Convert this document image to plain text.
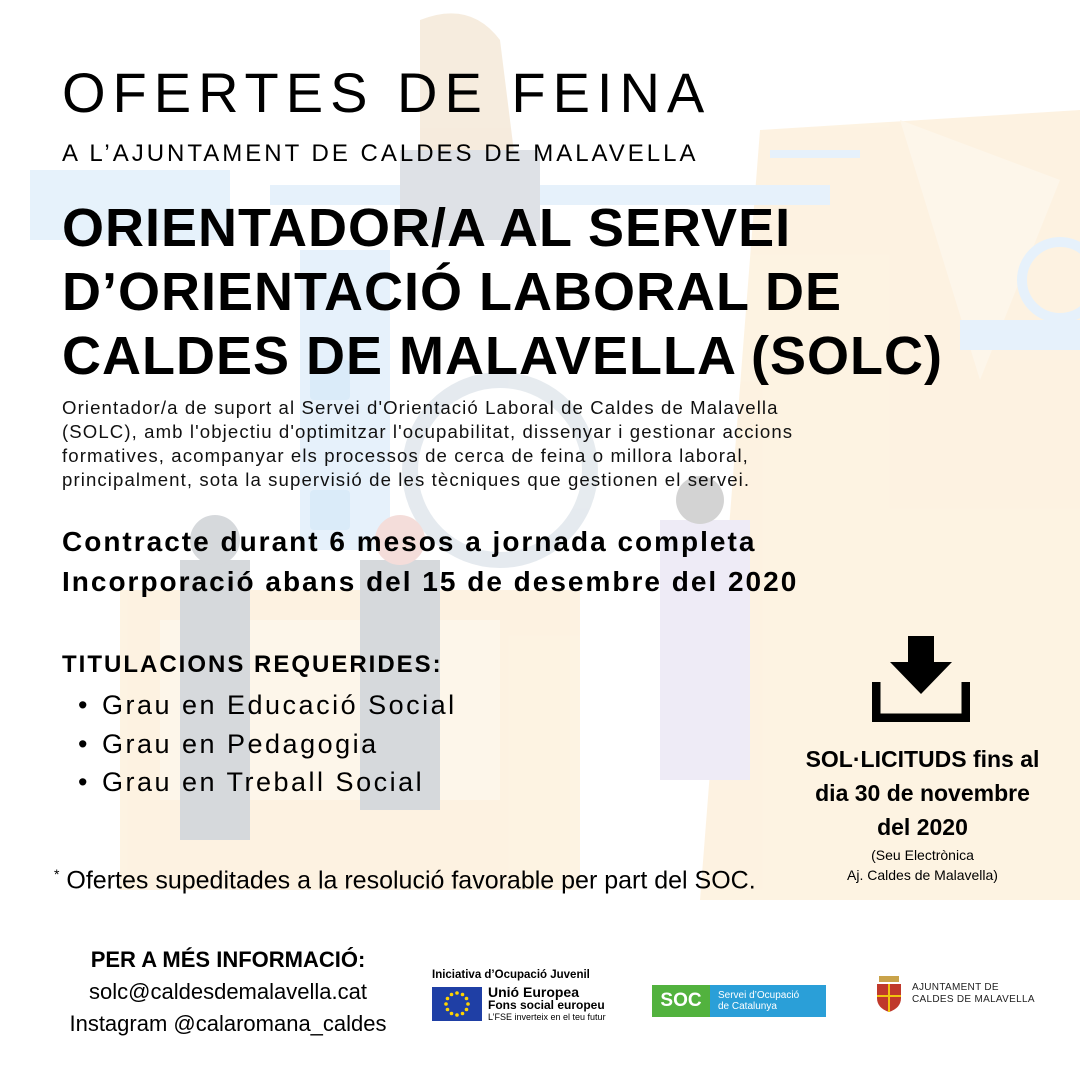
OFERTES DE FEINA
A L’AJUNTAMENT DE CALDES DE MALAVELLA
ORIENTADOR/A AL SERVEI
D’ORIENTACIÓ LABORAL DE
CALDES DE MALAVELLA (SOLC)
Orientador/a de suport al Servei d'Orientació Laboral de Caldes de Malavella
(SOLC), amb l'objectiu d'optimitzar l'ocupabilitat, dissenyar i gestionar accions
formatives, acompanyar els processos de cerca de feina o millora laboral,
principalment, sota la supervisió de les tècniques que gestionen el servei.
Contracte durant 6 mesos a jornada completa
Incorporació abans del 15 de desembre del 2020
TITULACIONS REQUERIDES:
• Grau en Educació Social
• Grau en Pedagogia
• Grau en Treball Social
* Ofertes supeditades a la resolució favorable per part del SOC.
SOL·LICITUDS fins al
dia 30 de novembre
del 2020
(Seu Electrònica
Aj. Caldes de Malavella)
PER A MÉS INFORMACIÓ:
solc@caldesdemalavella.cat
Instagram @calaromana_caldes
Iniciativa d’Ocupació Juvenil
Unió Europea
Fons social europeu
L’FSE inverteix en el teu futur
SOC	Servei d’Ocupació
de Catalunya
AJUNTAMENT DE
CALDES DE MALAVELLA
